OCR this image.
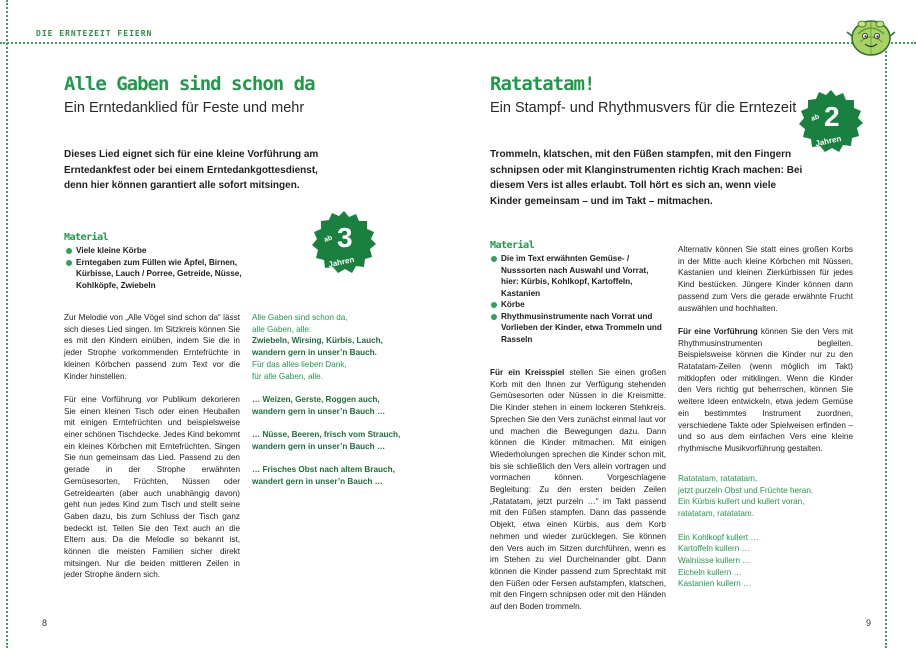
DIE ERNTEZEIT FEIERN
Alle Gaben sind schon da
Ein Erntedanklied für Feste und mehr
Dieses Lied eignet sich für eine kleine Vorführung am Erntedankfest oder bei einem Erntedankgottesdienst, denn hier können garantiert alle sofort mitsingen.
ab 3
Jahren
Material
Viele kleine Körbe
Erntegaben zum Füllen wie Äpfel, Birnen, Kürbisse, Lauch / Porree, Getreide, Nüsse, Kohlköpfe, Zwiebeln

Zur Melodie von „Alle Vögel sind schon da“ lässt sich dieses Lied singen. Im Sitzkreis können Sie es mit den Kindern einüben, indem Sie die in jeder Strophe vorkommenden Erntefrüchte in kleinen Körbchen passend zum Text vor die Kinder hinstellen.

Für eine Vorführung vor Publikum dekorieren Sie einen kleinen Tisch oder einen Heuballen mit einigen Erntefrüchten und beispielsweise einer schönen Tischdecke. Jedes Kind bekommt ein kleines Körbchen mit Erntefrüchten. Singen Sie nun gemeinsam das Lied. Passend zu den gerade in der Strophe erwähnten Gemüsesorten, Früchten, Nüssen oder Getreidearten (aber auch unabhängig davon) geht nun jedes Kind zum Tisch und stellt seine Gaben dazu, bis zum Schluss der Tisch ganz bedeckt ist. Teilen Sie den Text auch an die Eltern aus. Da die Melodie so bekannt ist, können die meisten Familien sicher direkt mitsingen. Nur die beiden mittleren Zeilen in jeder Strophe ändern sich.

Alle Gaben sind schon da,
alle Gaben, alle:

Zwiebeln, Wirsing, Kürbis, Lauch,
wandern gern in unser’n Bauch.
Für das alles lieben Dank,
für alle Gaben, alle.

… Weizen, Gerste, Roggen auch,
wandern gern in unser’n Bauch …

… Nüsse, Beeren, frisch vom Strauch,
wandern gern in unser’n Bauch …

… Frisches Obst nach altem Brauch,
wandert gern in unser’n Bauch …

8
Ratatatam!
Ein Stampf- und Rhythmusvers für die Erntezeit
ab 2
Jahren
Trommeln, klatschen, mit den Füßen stampfen, mit den Fingern schnipsen oder mit Klanginstrumenten richtig Krach machen: Bei diesem Vers ist alles erlaubt. Toll hört es sich an, wenn viele Kinder gemeinsam – und im Takt – mitmachen.
Material
Die im Text erwähnten Gemüse- / Nusssorten nach Auswahl und Vorrat, hier: Kürbis, Kohlkopf, Kartoffeln, Kastanien
Körbe
Rhythmusinstrumente nach Vorrat und Vorlieben der Kinder, etwa Trommeln und Rasseln

Für ein Kreisspiel stellen Sie einen großen Korb mit den Ihnen zur Verfügung stehenden Gemüsesorten oder Nüssen in die Kreismitte. Die Kinder stehen in einem lockeren Stehkreis. Sprechen Sie den Vers zunächst einmal laut vor und machen die Bewegungen dazu. Dann können die Kinder mitmachen. Mit einigen Wiederholungen sprechen die Kinder schon mit, bis sie schließlich den Vers allein vortragen und vormachen können. Vorgeschlagene Begleitung: Zu den ersten beiden Zeilen „Ratatatam, jetzt purzeln …“ im Takt passend mit den Füßen stampfen. Dann das passende Objekt, etwa einen Kürbis, aus dem Korb nehmen und wieder zurücklegen. Sie können den Vers auch im Sitzen durchführen, wenn es im Stehen zu viel Durcheinander gibt. Dann können die Kinder passend zum Sprechtakt mit den Füßen oder Fersen aufstampfen, klatschen, mit den Fingern schnipsen oder mit den Händen auf den Boden trommeln.

Alternativ können Sie statt eines großen Korbs in der Mitte auch kleine Körbchen mit Nüssen, Kastanien und kleinen Zierkürbissen für jedes Kind bestücken. Jüngere Kinder können dann passend zum Vers die gerade erwähnte Frucht auswählen und hochhalten.

Für eine Vorführung können Sie den Vers mit Rhythmusinstrumenten begleiten. Beispielsweise können die Kinder nur zu den Ratatatam-Zeilen (wenn möglich im Takt) mitklopfen oder mitklingen. Wenn die Kinder den Vers richtig gut beherrschen, können Sie weitere Ideen entwickeln, etwa jedem Gemüse ein bestimmtes Instrument zuordnen, verschiedene Takte oder Spielweisen erfinden – und so aus dem einfachen Vers eine kleine rhythmische Musikvorführung gestalten.

Ratatatam, ratatatam,
jetzt purzeln Obst und Früchte heran.
Ein Kürbis kullert und kullert voran,
ratatatam, ratatatam.

Ein Kohlkopf kullert …
Kartoffeln kullern …
Walnüsse kullern …
Eicheln kullern …
Kastanien kullern …

9
